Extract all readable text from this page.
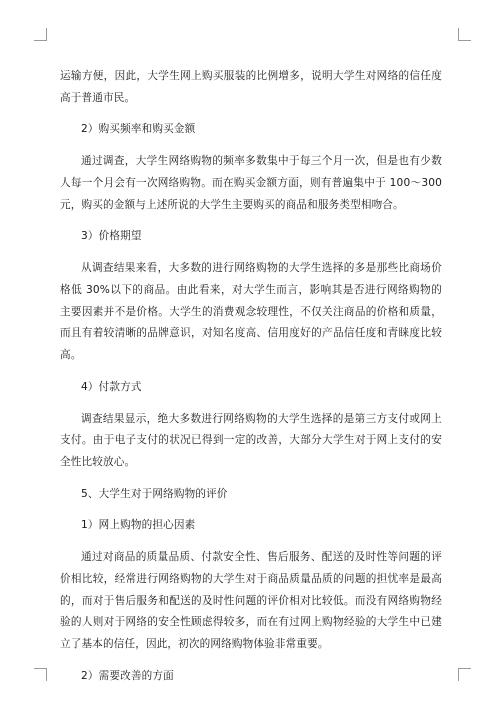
运输方便，因此，大学生网上购买服装的比例增多，说明大学生对网络的信任度高于普通市民。

2）购买频率和购买金额

通过调查，大学生网络购物的频率多数集中于每三个月一次，但是也有少数人每一个月会有一次网络购物。而在购买金额方面，则有普遍集中于 100～300 元，购买的金额与上述所说的大学生主要购买的商品和服务类型相吻合。

3）价格期望

从调查结果来看，大多数的进行网络购物的大学生选择的多是那些比商场价格低 30%以下的商品。由此看来，对大学生而言，影响其是否进行网络购物的主要因素并不是价格。大学生的消费观念较理性，不仅关注商品的价格和质量，而且有着较清晰的品牌意识，对知名度高、信用度好的产品信任度和青睐度比较高。

4）付款方式

调查结果显示，绝大多数进行网络购物的大学生选择的是第三方支付或网上支付。由于电子支付的状况已得到一定的改善，大部分大学生对于网上支付的安全性比较放心。

5、大学生对于网络购物的评价

1）网上购物的担心因素

通过对商品的质量品质、付款安全性、售后服务、配送的及时性等问题的评价相比较，经常进行网络购物的大学生对于商品质量品质的问题的担忧率是最高的，而对于售后服务和配送的及时性问题的评价相对比较低。而没有网络购物经验的人则对于网络的安全性顾虑得较多，而在有过网上购物经验的大学生中已建立了基本的信任，因此，初次的网络购物体验非常重要。

2）需要改善的方面
